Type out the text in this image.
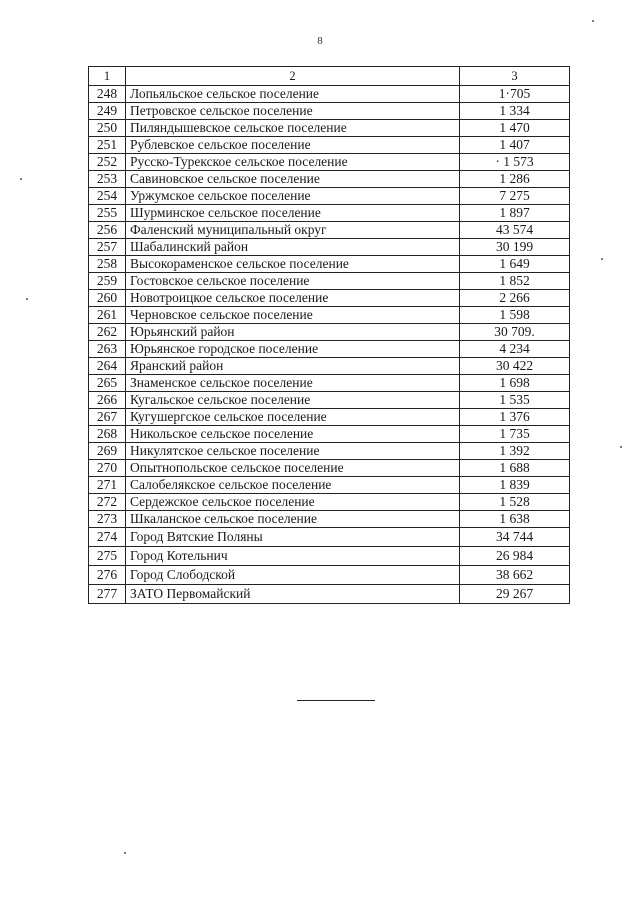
8
1	2	3
248	Лопьяльское сельское поселение	1·705
249	Петровское сельское поселение	1 334
250	Пиляндышевское сельское поселение	1 470
251	Рублевское сельское поселение	1 407
252	Русско-Турекское сельское поселение	· 1 573
253	Савиновское сельское поселение	1 286
254	Уржумское сельское поселение	7 275
255	Шурминское сельское поселение	1 897
256	Фаленский муниципальный округ	43 574
257	Шабалинский район	30 199
258	Высокораменское сельское поселение	1 649
259	Гостовское сельское поселение	1 852
260	Новотроицкое сельское поселение	2 266
261	Черновское сельское поселение	1 598
262	Юрьянский район	30 709.
263	Юрьянское городское поселение	4 234
264	Яранский район	30 422
265	Знаменское сельское поселение	1 698
266	Кугальское сельское поселение	1 535
267	Кугушергское сельское поселение	1 376
268	Никольское сельское поселение	1 735
269	Никулятское сельское поселение	1 392
270	Опытнопольское сельское поселение	1 688
271	Салобелякское сельское поселение	1 839
272	Сердежское сельское поселение	1 528
273	Шкаланское сельское поселение	1 638
274	Город Вятские Поляны	34 744
275	Город Котельнич	26 984
276	Город Слободской	38 662
277	ЗАТО Первомайский	29 267
